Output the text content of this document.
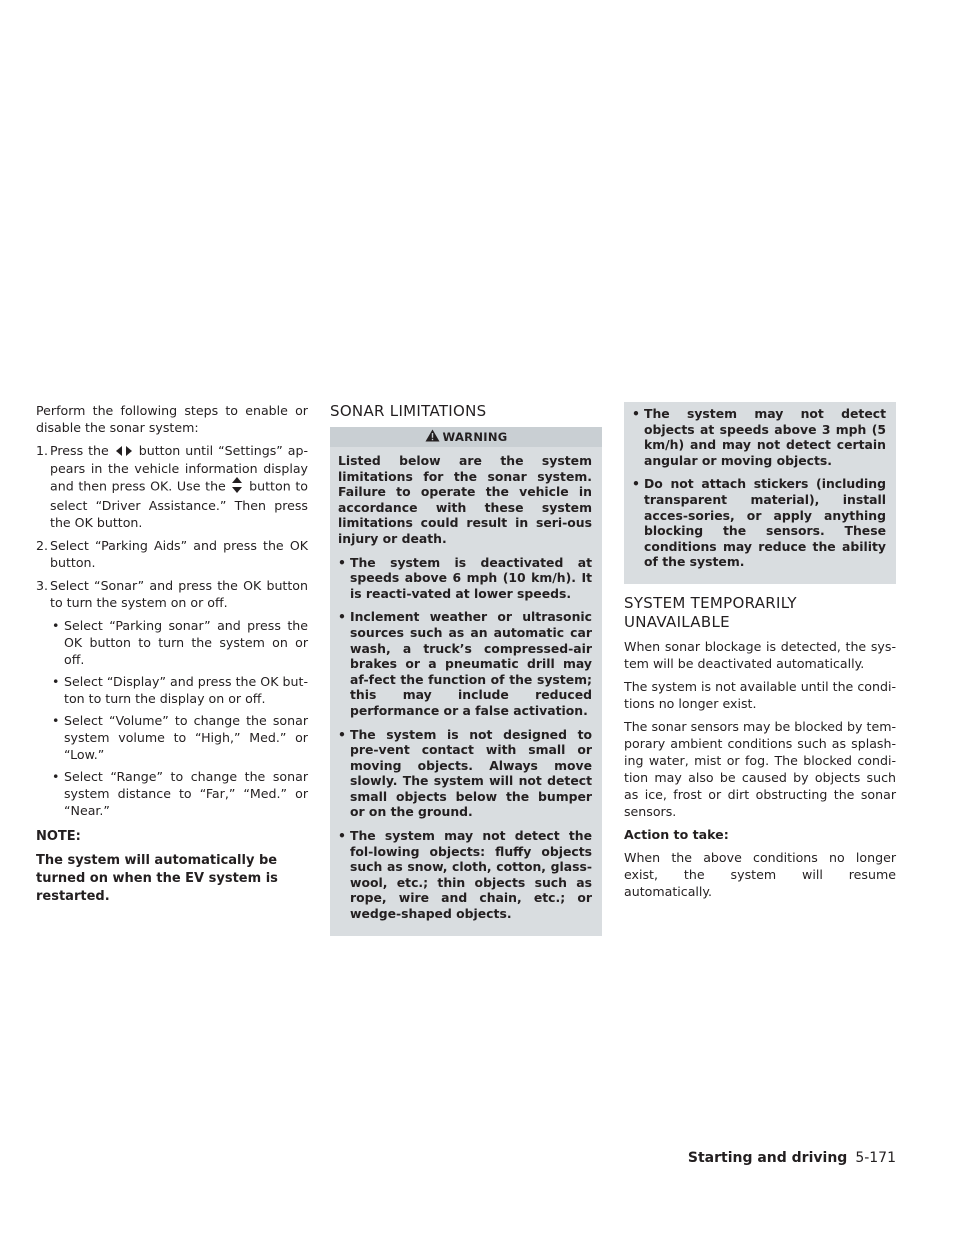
Perform the following steps to enable or disable the sonar system:

1. Press the button until “Settings” ap-pears in the vehicle information display and then press OK. Use the button to select “Driver Assistance.” Then press the OK button.
2. Select “Parking Aids” and press the OK button.
3. Select “Sonar” and press the OK button to turn the system on or off.
• Select “Parking sonar” and press the OK button to turn the system on or off.
• Select “Display” and press the OK but-ton to turn the display on or off.
• Select “Volume” to change the sonar system volume to “High,” Med.” or “Low.”
• Select “Range” to change the sonar system distance to “Far,” “Med.” or “Near.”
NOTE:
The system will automatically be turned on when the EV system is restarted.
SONAR LIMITATIONS
WARNING

Listed below are the system limitations for the sonar system. Failure to operate the vehicle in accordance with these system limitations could result in seri-ous injury or death.

• The system is deactivated at speeds above 6 mph (10 km/h). It is reacti-vated at lower speeds.
• Inclement weather or ultrasonic sources such as an automatic car wash, a truck’s compressed-air brakes or a pneumatic drill may af-fect the function of the system; this may include reduced performance or a false activation.
• The system is not designed to pre-vent contact with small or moving objects. Always move slowly. The system will not detect small objects below the bumper or on the ground.
• The system may not detect the fol-lowing objects: fluffy objects such as snow, cloth, cotton, glass-wool, etc.; thin objects such as rope, wire and chain, etc.; or wedge-shaped objects.
• The system may not detect objects at speeds above 3 mph (5 km/h) and may not detect certain angular or moving objects.
• Do not attach stickers (including transparent material), install acces-sories, or apply anything blocking the sensors. These conditions may reduce the ability of the system.
SYSTEM TEMPORARILY
UNAVAILABLE

When sonar blockage is detected, the sys-tem will be deactivated automatically.

The system is not available until the condi-tions no longer exist.

The sonar sensors may be blocked by tem-porary ambient conditions such as splash-ing water, mist or fog. The blocked condi-tion may also be caused by objects such as ice, frost or dirt obstructing the sonar sensors.

Action to take:

When the above conditions no longer exist, the system will resume automatically.

Starting and driving 5-171
